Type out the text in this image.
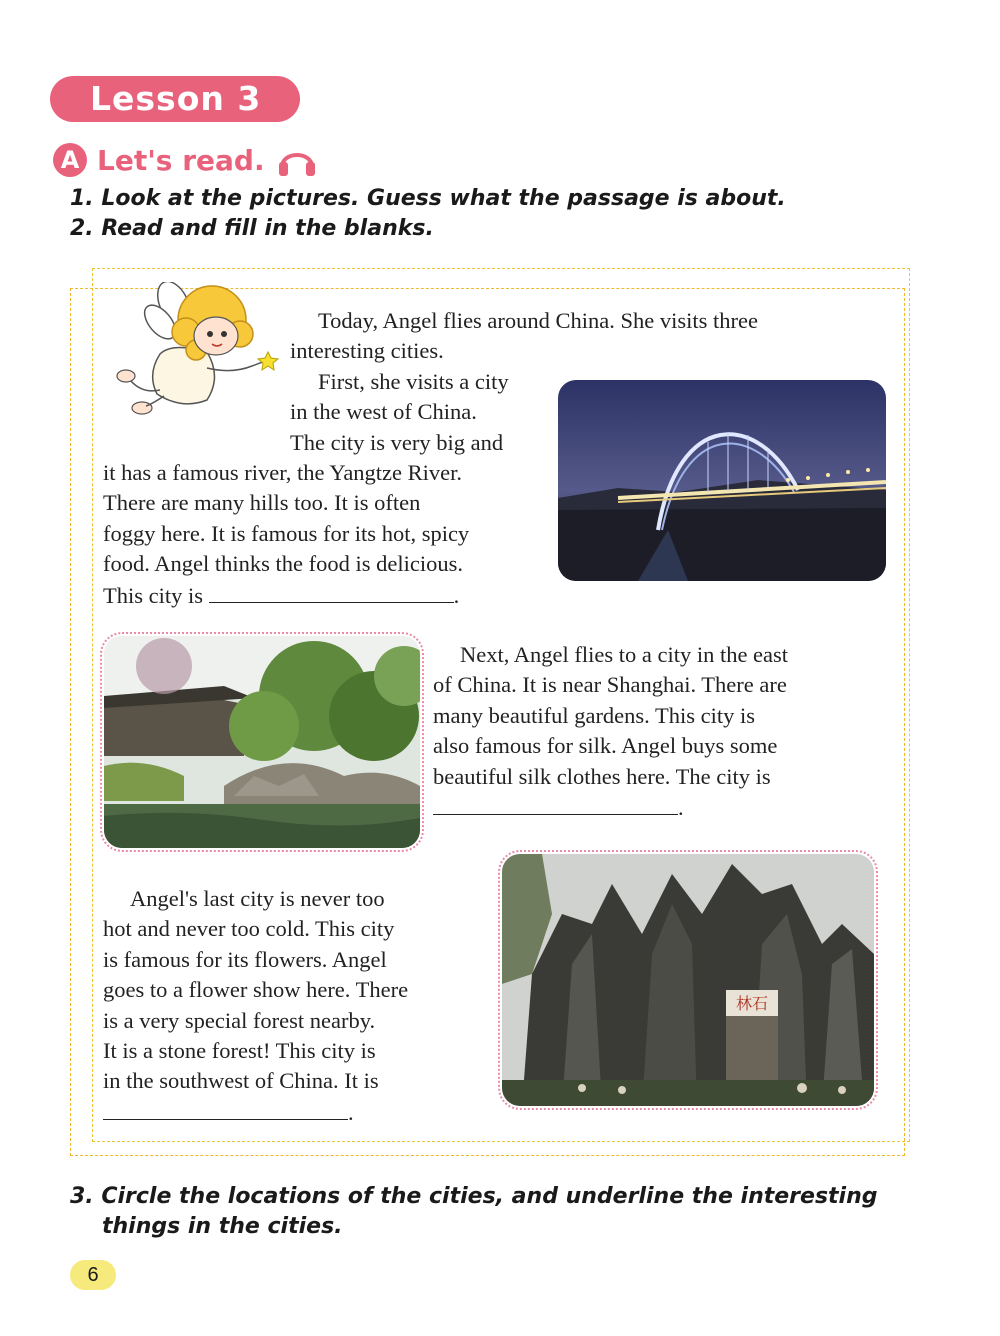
Lesson 3
A Let's read.
1. Look at the pictures. Guess what the passage is about.
2. Read and fill in the blanks.

Today, Angel flies around China. She visits three

interesting cities.

First, she visits a city

in the west of China.

The city is very big and

it has a famous river, the Yangtze River.

There are many hills too. It is often

foggy here. It is famous for its hot, spicy

food. Angel thinks the food is delicious.

This city is	.

Next, Angel flies to a city in the east

of China. It is near Shanghai. There are

many beautiful gardens. This city is

also famous for silk. Angel buys some

beautiful silk clothes here. The city is

.

林石

Angel's last city is never too

hot and never too cold. This city

is famous for its flowers. Angel

goes to a flower show here. There

is a very special forest nearby.

It is a stone forest! This city is

in the southwest of China. It is

.

3. Circle the locations of the cities, and underline the interesting
things in the cities.
6
